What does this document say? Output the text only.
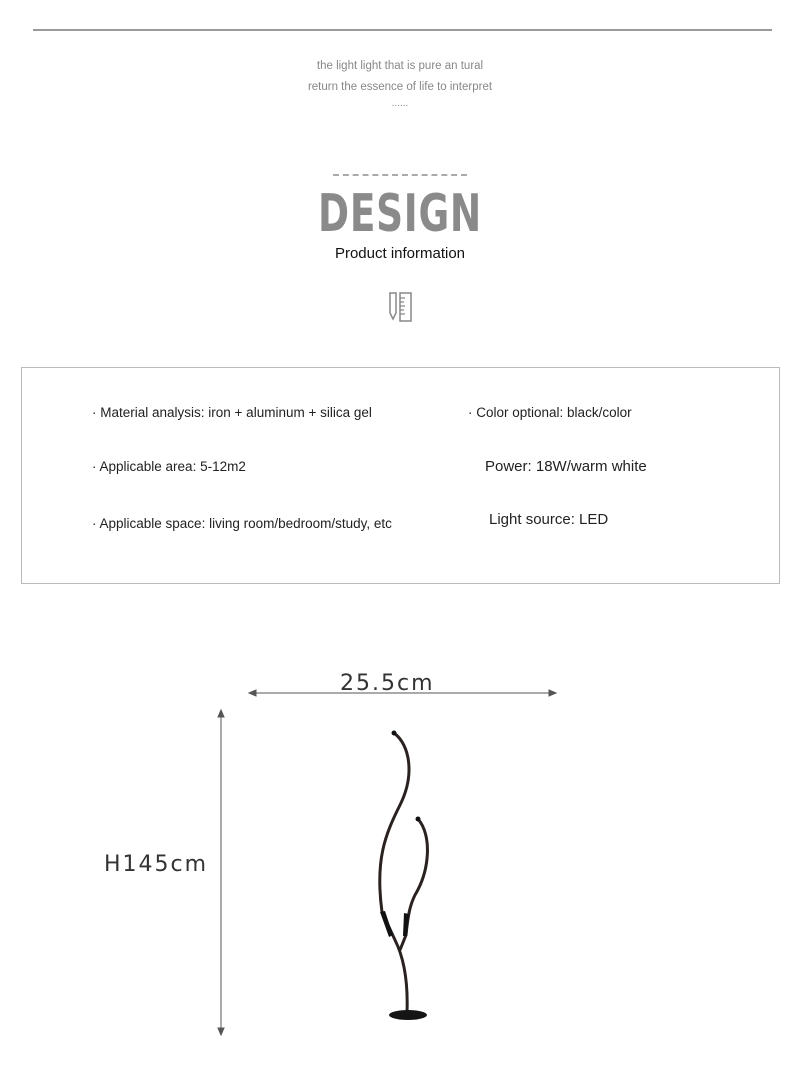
the light light that is pure an tural
return the essence of life to interpret
......
DESIGN
Product information
· Material analysis: iron + aluminum + silica gel
· Applicable area: 5-12m2
· Applicable space: living room/bedroom/study, etc
· Color optional: black/color
Power: 18W/warm white
Light source: LED
25.5cm
H145cm
